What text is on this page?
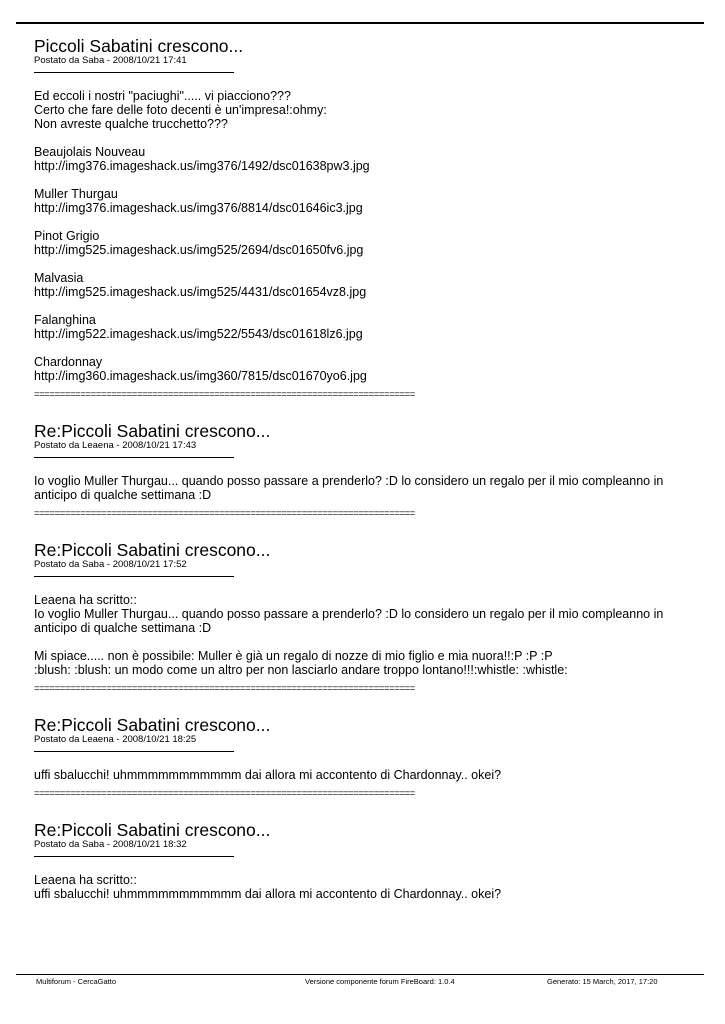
Piccoli Sabatini crescono...

Postato da Saba - 2008/10/21 17:41

Ed eccoli i nostri "paciughi"..... vi piacciono???
Certo che fare delle foto decenti è un'impresa!:ohmy:
Non avreste qualche trucchetto???

Beaujolais Nouveau
http://img376.imageshack.us/img376/1492/dsc01638pw3.jpg

Muller Thurgau
http://img376.imageshack.us/img376/8814/dsc01646ic3.jpg

Pinot Grigio
http://img525.imageshack.us/img525/2694/dsc01650fv6.jpg

Malvasia
http://img525.imageshack.us/img525/4431/dsc01654vz8.jpg

Falanghina
http://img522.imageshack.us/img522/5543/dsc01618lz6.jpg

Chardonnay
http://img360.imageshack.us/img360/7815/dsc01670yo6.jpg

==========================================================================
Re:Piccoli Sabatini crescono...

Postato da Leaena - 2008/10/21 17:43

Io voglio Muller Thurgau... quando posso passare a prenderlo? :D lo considero un regalo per il mio compleanno in anticipo di qualche settimana :D

==========================================================================
Re:Piccoli Sabatini crescono...

Postato da Saba - 2008/10/21 17:52

Leaena ha scritto::
Io voglio Muller Thurgau... quando posso passare a prenderlo? :D lo considero un regalo per il mio compleanno in anticipo di qualche settimana :D

Mi spiace..... non è possibile: Muller è già un regalo di nozze di mio figlio e mia nuora!!:P :P :P
:blush: :blush: un modo come un altro per non lasciarlo andare troppo lontano!!!:whistle: :whistle:

==========================================================================
Re:Piccoli Sabatini crescono...

Postato da Leaena - 2008/10/21 18:25

uffi sbalucchi! uhmmmmmmmmmmm dai allora mi accontento di Chardonnay.. okei?

==========================================================================
Re:Piccoli Sabatini crescono...

Postato da Saba - 2008/10/21 18:32

Leaena ha scritto::
uffi sbalucchi! uhmmmmmmmmmmm dai allora mi accontento di Chardonnay.. okei?

Multiforum - CercaGatto	Versione componente forum FireBoard: 1.0.4	Generato: 15 March, 2017, 17:20
